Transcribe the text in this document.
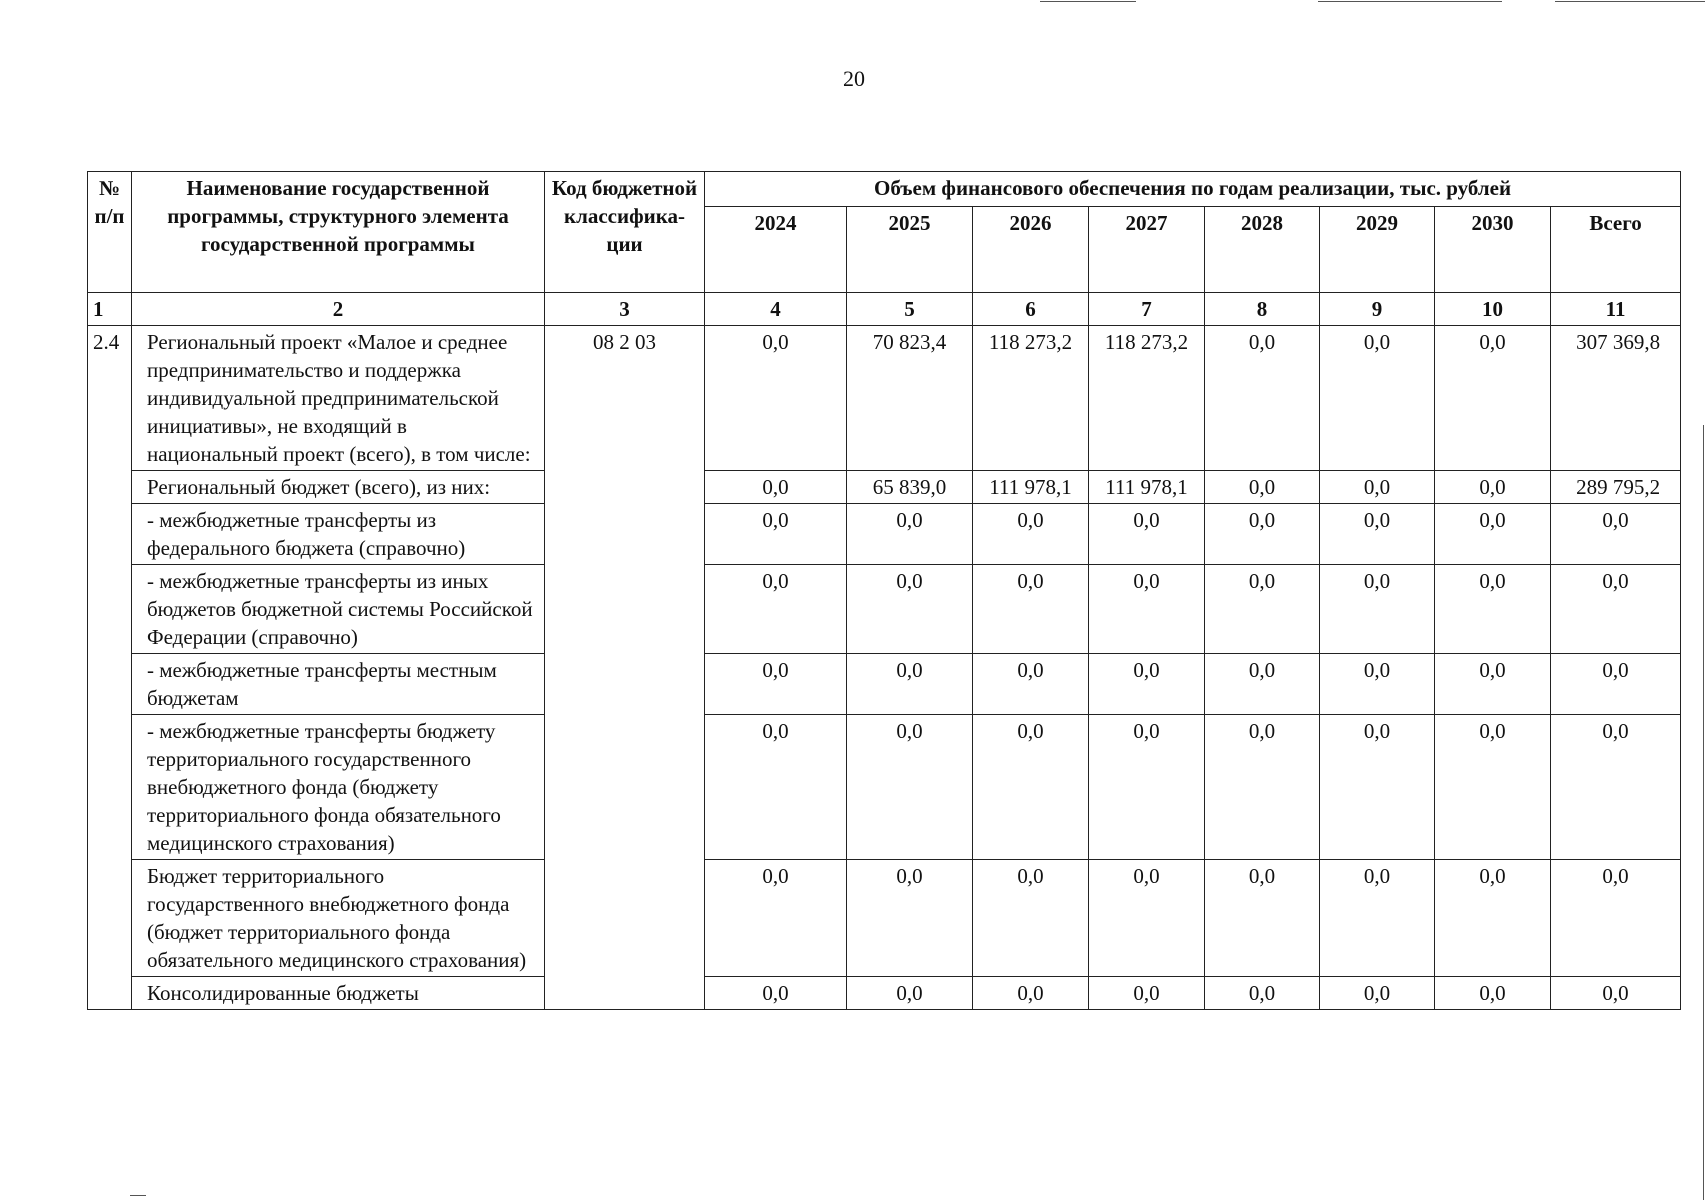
20
№ п/п	Наименование государственной программы, структурного элемента государственной программы	Код бюджетной классифика-ции	Объем финансового обеспечения по годам реализации, тыс. рублей							
			2024	2025	2026	2027	2028	2029	2030	Всего
1	2	3	4	5	6	7	8	9	10	11
2.4	Региональный проект «Малое и среднее предпринимательство и поддержка индивидуальной предпринимательской инициативы», не входящий в национальный проект (всего), в том числе:	08 2 03	0,0	70 823,4	118 273,2	118 273,2	0,0	0,0	0,0	307 369,8
	Региональный бюджет (всего), из них:		0,0	65 839,0	111 978,1	111 978,1	0,0	0,0	0,0	289 795,2
	- межбюджетные трансферты из федерального бюджета (справочно)		0,0	0,0	0,0	0,0	0,0	0,0	0,0	0,0
	- межбюджетные трансферты из иных бюджетов бюджетной системы Российской Федерации (справочно)		0,0	0,0	0,0	0,0	0,0	0,0	0,0	0,0
	- межбюджетные трансферты местным бюджетам		0,0	0,0	0,0	0,0	0,0	0,0	0,0	0,0
	- межбюджетные трансферты бюджету территориального государственного внебюджетного фонда (бюджету территориального фонда обязательного медицинского страхования)		0,0	0,0	0,0	0,0	0,0	0,0	0,0	0,0
	Бюджет территориального государственного внебюджетного фонда (бюджет территориального фонда обязательного медицинского страхования)		0,0	0,0	0,0	0,0	0,0	0,0	0,0	0,0
	Консолидированные бюджеты		0,0	0,0	0,0	0,0	0,0	0,0	0,0	0,0
